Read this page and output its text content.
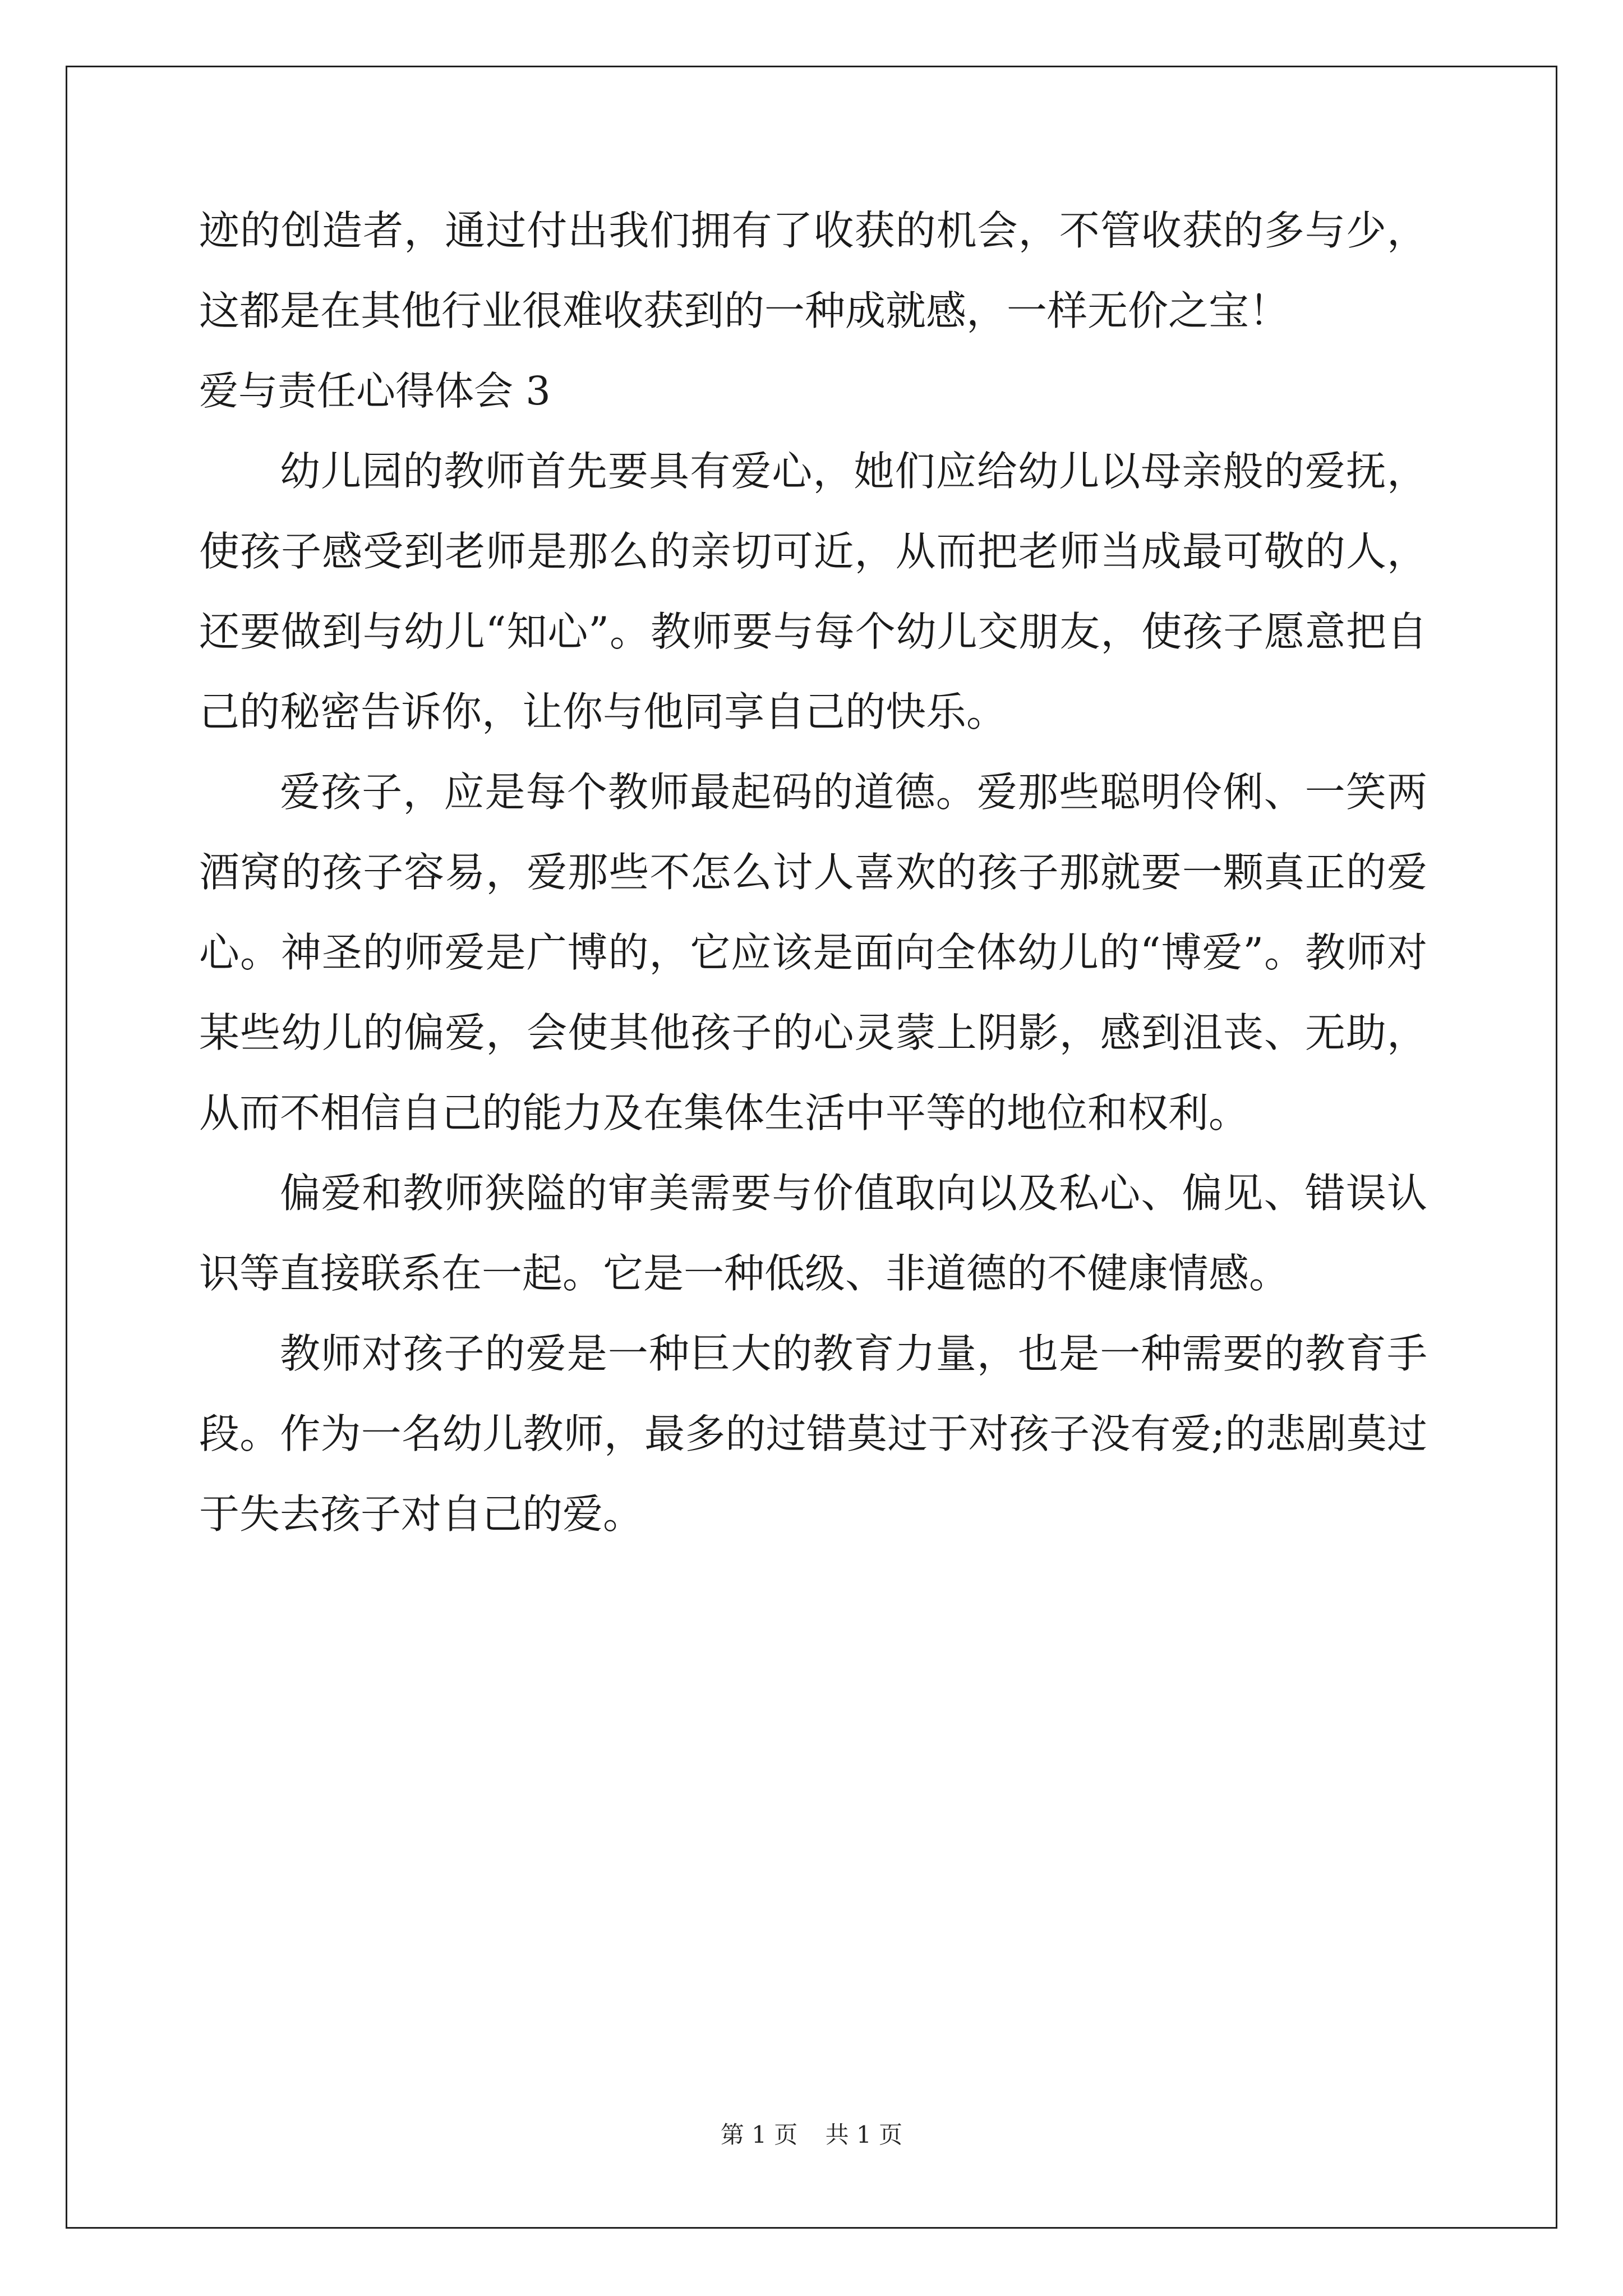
迹的创造者，通过付出我们拥有了收获的机会，不管收获的多与少，
这都是在其他行业很难收获到的一种成就感，一样无价之宝！
爱与责任心得体会 3
幼儿园的教师首先要具有爱心，她们应给幼儿以母亲般的爱抚，
使孩子感受到老师是那么的亲切可近，从而把老师当成最可敬的人，
还要做到与幼儿“知心”。教师要与每个幼儿交朋友，使孩子愿意把自
己的秘密告诉你，让你与他同享自己的快乐。
爱孩子，应是每个教师最起码的道德。爱那些聪明伶俐、一笑两
酒窝的孩子容易，爱那些不怎么讨人喜欢的孩子那就要一颗真正的爱
心。神圣的师爱是广博的，它应该是面向全体幼儿的“博爱”。教师对
某些幼儿的偏爱，会使其他孩子的心灵蒙上阴影，感到沮丧、无助，
从而不相信自己的能力及在集体生活中平等的地位和权利。
偏爱和教师狭隘的审美需要与价值取向以及私心、偏见、错误认
识等直接联系在一起。它是一种低级、非道德的不健康情感。
教师对孩子的爱是一种巨大的教育力量，也是一种需要的教育手
段。作为一名幼儿教师，最多的过错莫过于对孩子没有爱;的悲剧莫过
于失去孩子对自己的爱。
第 1 页 共 1 页
